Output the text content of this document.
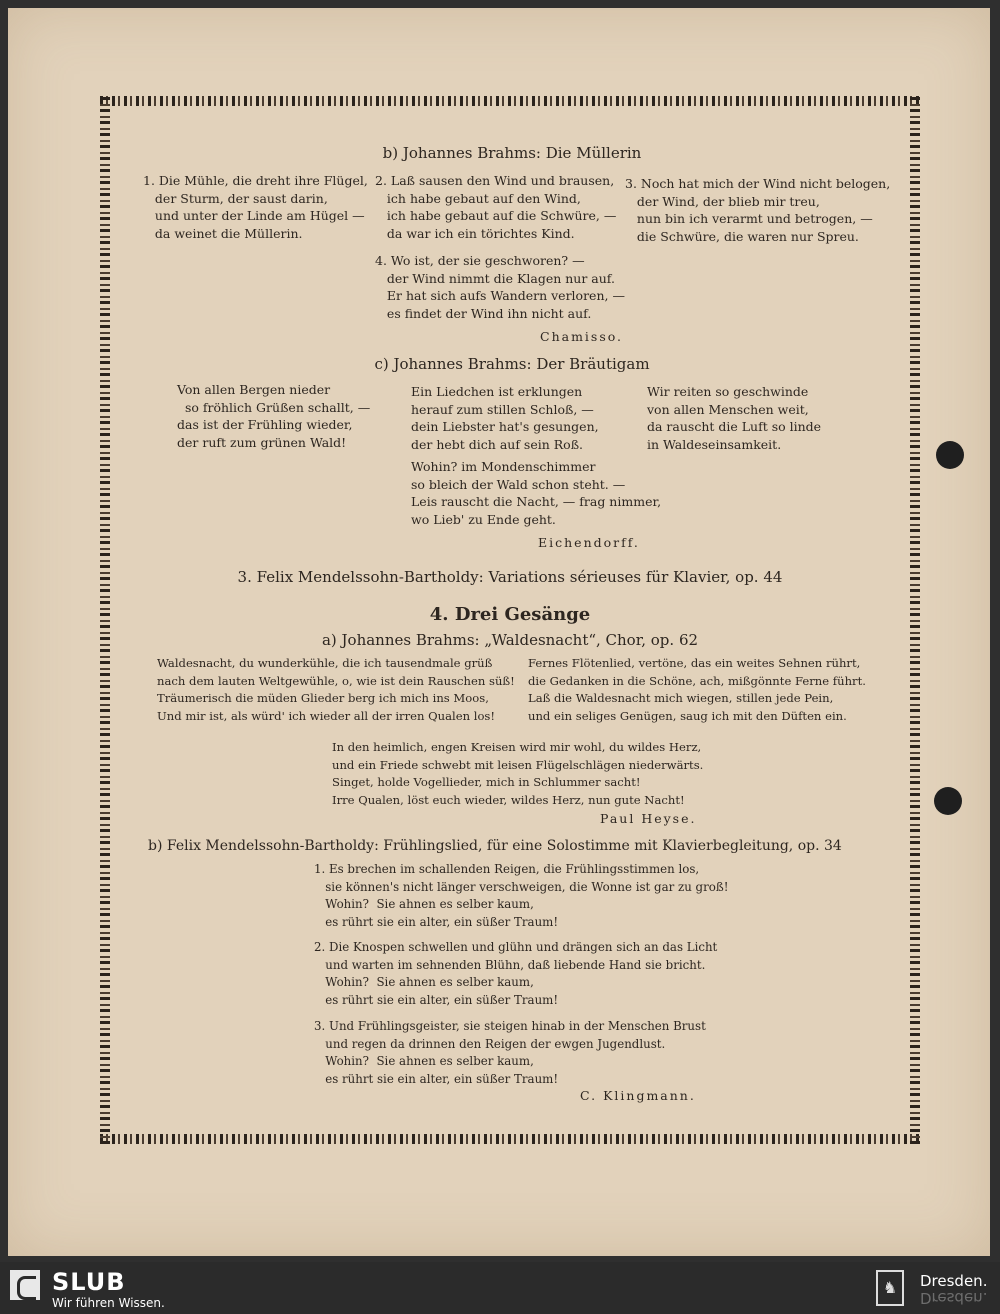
b) Johannes Brahms: Die Müllerin
1. Die Mühle, die dreht ihre Flügel,
der Sturm, der saust darin,
und unter der Linde am Hügel —
da weinet die Müllerin.
2. Laß sausen den Wind und brausen,
ich habe gebaut auf den Wind,
ich habe gebaut auf die Schwüre, —
da war ich ein törichtes Kind.
3. Noch hat mich der Wind nicht belogen,
der Wind, der blieb mir treu,
nun bin ich verarmt und betrogen, —
die Schwüre, die waren nur Spreu.
4. Wo ist, der sie geschworen? —
der Wind nimmt die Klagen nur auf.
Er hat sich aufs Wandern verloren, —
es findet der Wind ihn nicht auf.
Chamisso.
c) Johannes Brahms: Der Bräutigam
Von allen Bergen nieder
so fröhlich Grüßen schallt, —
das ist der Frühling wieder,
der ruft zum grünen Wald!
Ein Liedchen ist erklungen
herauf zum stillen Schloß, —
dein Liebster hat's gesungen,
der hebt dich auf sein Roß.
Wir reiten so geschwinde
von allen Menschen weit,
da rauscht die Luft so linde
in Waldeseinsamkeit.
Wohin? im Mondenschimmer
so bleich der Wald schon steht. —
Leis rauscht die Nacht, — frag nimmer,
wo Lieb' zu Ende geht.
Eichendorff.
3. Felix Mendelssohn-Bartholdy: Variations sérieuses für Klavier, op. 44
4. Drei Gesänge
a) Johannes Brahms: „Waldesnacht“, Chor, op. 62
Waldesnacht, du wunderkühle, die ich tausendmale grüß
nach dem lauten Weltgewühle, o, wie ist dein Rauschen süß!
Träumerisch die müden Glieder berg ich mich ins Moos,
Und mir ist, als würd' ich wieder all der irren Qualen los!
Fernes Flötenlied, vertöne, das ein weites Sehnen rührt,
die Gedanken in die Schöne, ach, mißgönnte Ferne führt.
Laß die Waldesnacht mich wiegen, stillen jede Pein,
und ein seliges Genügen, saug ich mit den Düften ein.
In den heimlich, engen Kreisen wird mir wohl, du wildes Herz,
und ein Friede schwebt mit leisen Flügelschlägen niederwärts.
Singet, holde Vogellieder, mich in Schlummer sacht!
Irre Qualen, löst euch wieder, wildes Herz, nun gute Nacht!
Paul Heyse.
b) Felix Mendelssohn-Bartholdy: Frühlingslied, für eine Solostimme mit Klavierbegleitung, op. 34
1. Es brechen im schallenden Reigen, die Frühlingsstimmen los,
sie können's nicht länger verschweigen, die Wonne ist gar zu groß!
Wohin?  Sie ahnen es selber kaum,
es rührt sie ein alter, ein süßer Traum!
2. Die Knospen schwellen und glühn und drängen sich an das Licht
und warten im sehnenden Blühn, daß liebende Hand sie bricht.
Wohin?  Sie ahnen es selber kaum,
es rührt sie ein alter, ein süßer Traum!
3. Und Frühlingsgeister, sie steigen hinab in der Menschen Brust
und regen da drinnen den Reigen der ewgen Jugendlust.
Wohin?  Sie ahnen es selber kaum,
es rührt sie ein alter, ein süßer Traum!
C. Klingmann.
SLUB
Wir führen Wissen.
♞	Dresden.
Dresden.
